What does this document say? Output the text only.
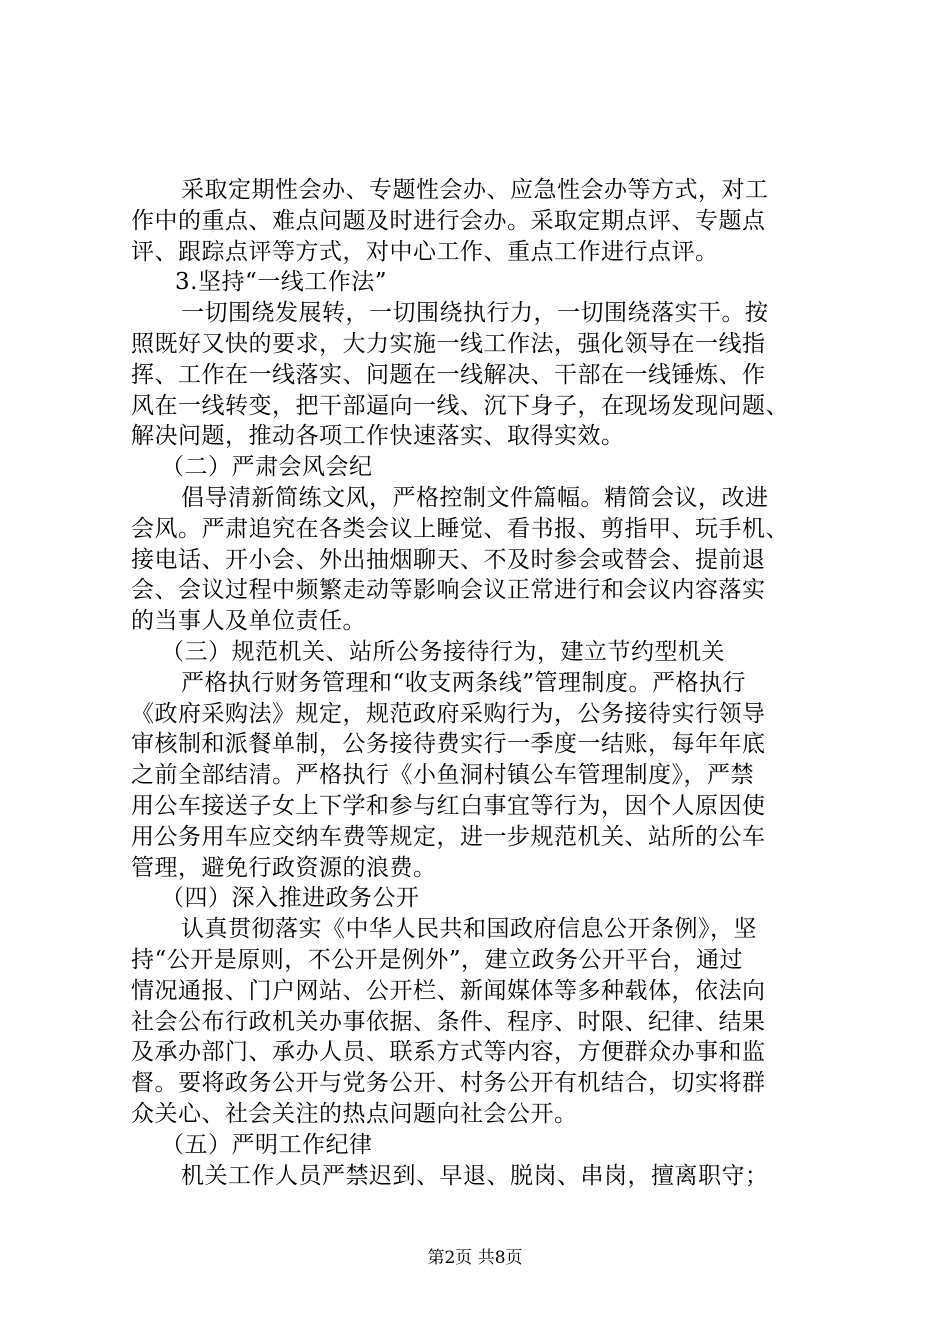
采取定期性会办、专题性会办、应急性会办等方式，对工
作中的重点、难点问题及时进行会办。采取定期点评、专题点
评、跟踪点评等方式，对中心工作、重点工作进行点评。

3.坚持“一线工作法”

一切围绕发展转，一切围绕执行力，一切围绕落实干。按
照既好又快的要求，大力实施一线工作法，强化领导在一线指
挥、工作在一线落实、问题在一线解决、干部在一线锤炼、作
风在一线转变，把干部逼向一线、沉下身子，在现场发现问题、
解决问题，推动各项工作快速落实、取得实效。

（二）严肃会风会纪

倡导清新简练文风，严格控制文件篇幅。精简会议，改进
会风。严肃追究在各类会议上睡觉、看书报、剪指甲、玩手机、
接电话、开小会、外出抽烟聊天、不及时参会或替会、提前退
会、会议过程中频繁走动等影响会议正常进行和会议内容落实
的当事人及单位责任。

（三）规范机关、站所公务接待行为，建立节约型机关

严格执行财务管理和“收支两条线”管理制度。严格执行
《政府采购法》规定，规范政府采购行为，公务接待实行领导
审核制和派餐单制，公务接待费实行一季度一结账，每年年底
之前全部结清。严格执行《小鱼洞村镇公车管理制度》，严禁
用公车接送子女上下学和参与红白事宜等行为，因个人原因使
用公务用车应交纳车费等规定，进一步规范机关、站所的公车
管理，避免行政资源的浪费。

（四）深入推进政务公开

认真贯彻落实《中华人民共和国政府信息公开条例》，坚
持“公开是原则，不公开是例外”，建立政务公开平台，通过
情况通报、门户网站、公开栏、新闻媒体等多种载体，依法向
社会公布行政机关办事依据、条件、程序、时限、纪律、结果
及承办部门、承办人员、联系方式等内容，方便群众办事和监
督。要将政务公开与党务公开、村务公开有机结合，切实将群
众关心、社会关注的热点问题向社会公开。

（五）严明工作纪律

机关工作人员严禁迟到、早退、脱岗、串岗，擅离职守；

第2页 共8页
